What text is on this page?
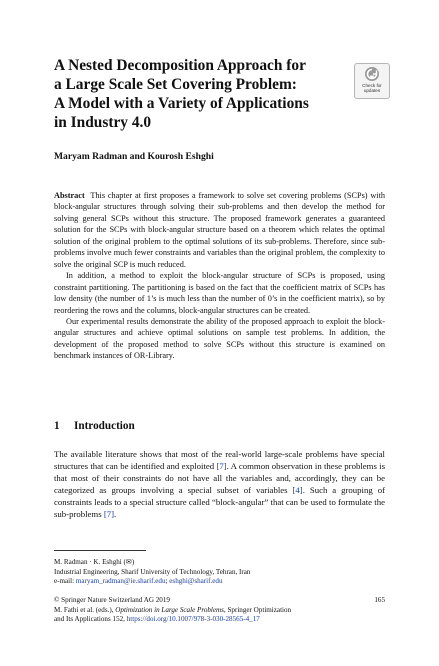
A Nested Decomposition Approach for
a Large Scale Set Covering Problem:
A Model with a Variety of Applications
in Industry 4.0
Check for
updates
Maryam Radman and Kourosh Eshghi

Abstract This chapter at first proposes a framework to solve set covering problems (SCPs) with block-angular structures through solving their sub-problems and then develop the method for solving general SCPs without this structure. The proposed framework generates a guaranteed solution for the SCPs with block-angular structure based on a theorem which relates the optimal solution of the original problem to the optimal solutions of its sub-problems. Therefore, since sub-problems involve much fewer constraints and variables than the original problem, the complexity to solve the original SCP is much reduced.

In addition, a method to exploit the block-angular structure of SCPs is proposed, using constraint partitioning. The partitioning is based on the fact that the coefficient matrix of SCPs has low density (the number of 1’s is much less than the number of 0’s in the coefficient matrix), so by reordering the rows and the columns, block-angular structures can be created.

Our experimental results demonstrate the ability of the proposed approach to exploit the block-angular structures and achieve optimal solutions on sample test problems. In addition, the development of the proposed method to solve SCPs without this structure is examined on benchmark instances of OR-Library.

1 Introduction

The available literature shows that most of the real-world large-scale problems have special structures that can be identified and exploited [7]. A common observation in these problems is that most of their constraints do not have all the variables and, accordingly, they can be categorized as groups involving a special subset of variables [4]. Such a grouping of constraints leads to a special structure called “block-angular” that can be used to formulate the sub-problems [7].

M. Radman · K. Eshghi (✉)
Industrial Engineering, Sharif University of Technology, Tehran, Iran
e-mail: maryam_radman@ie.sharif.edu; eshghi@sharif.edu
© Springer Nature Switzerland AG 2019	165
M. Fathi et al. (eds.), Optimization in Large Scale Problems, Springer Optimization
and Its Applications 152, https://doi.org/10.1007/978-3-030-28565-4_17
